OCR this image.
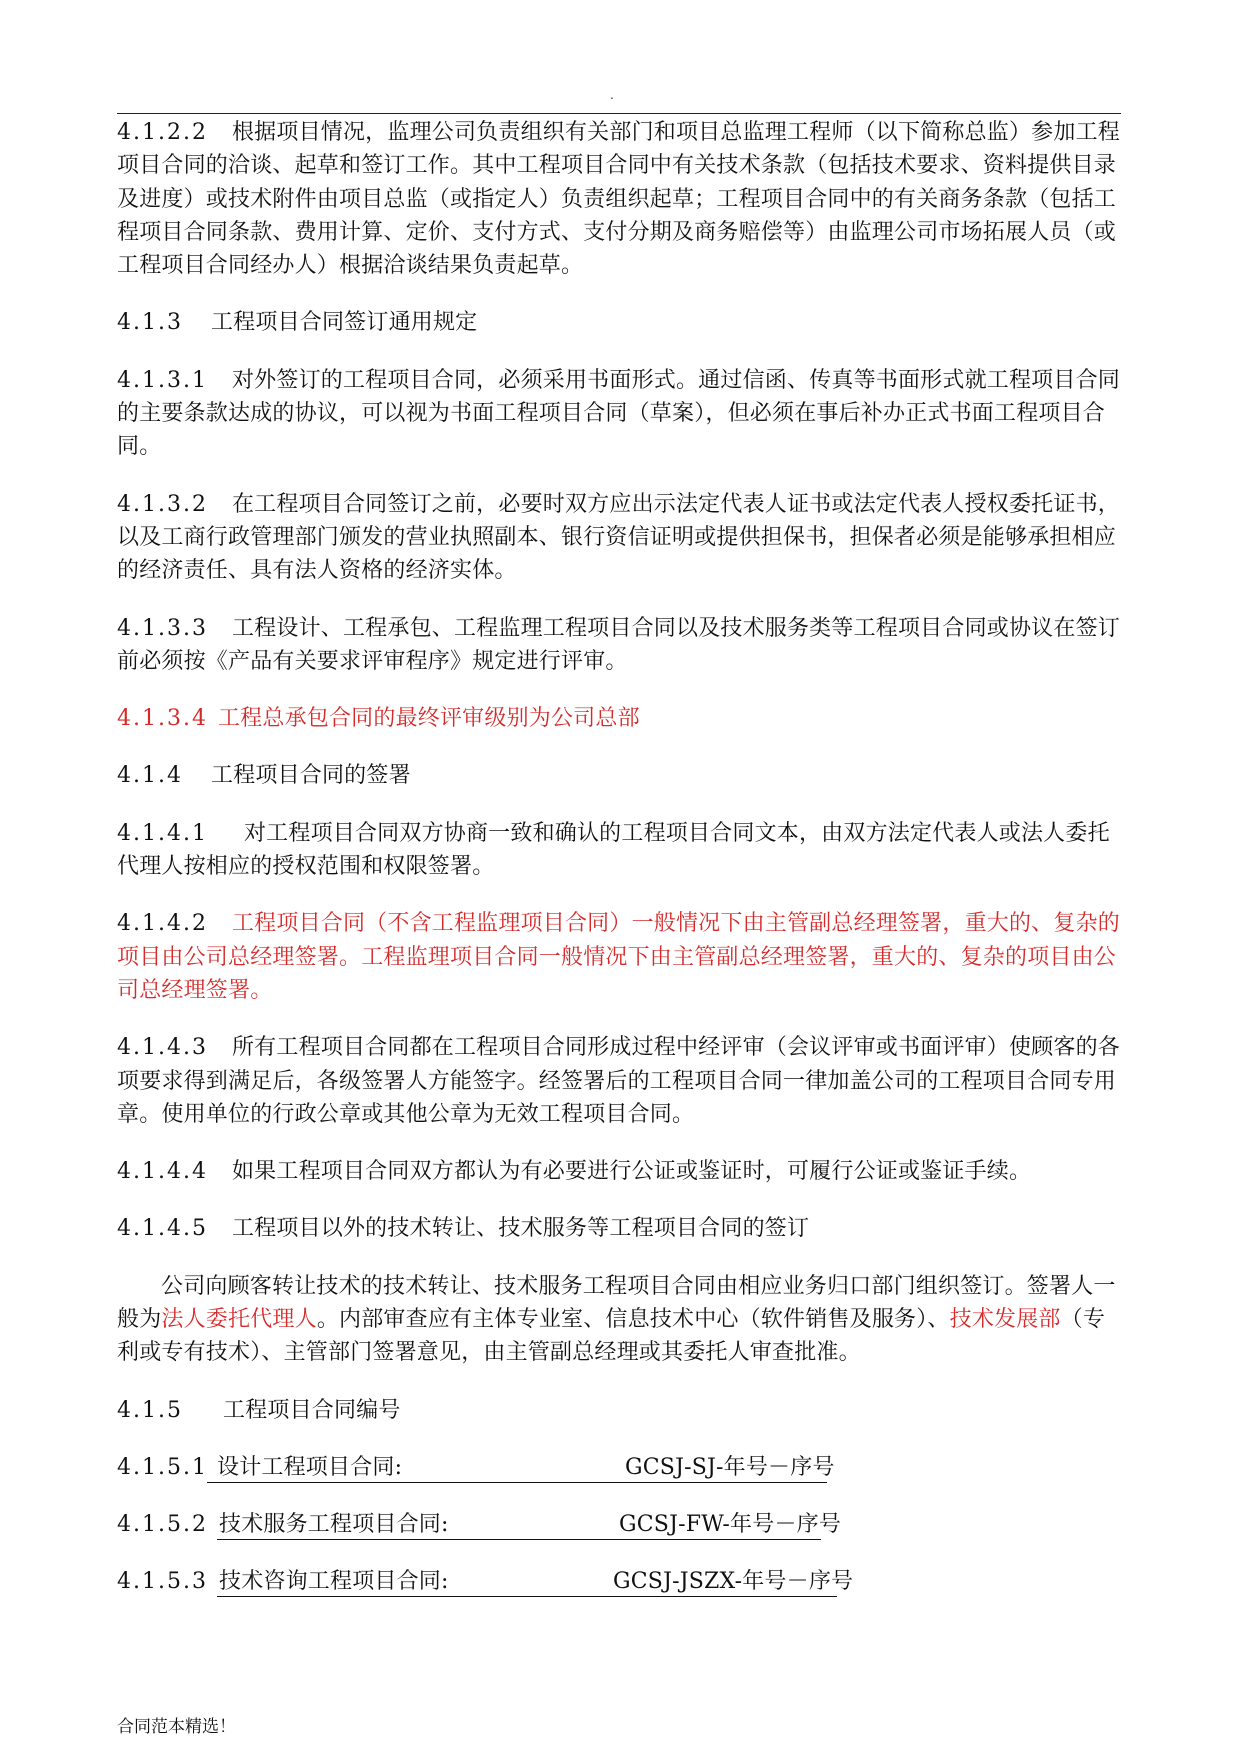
.

4.1.2.2 根据项目情况，监理公司负责组织有关部门和项目总监理工程师（以下简称总监）参加工程项目合同的洽谈、起草和签订工作。其中工程项目合同中有关技术条款（包括技术要求、资料提供目录及进度）或技术附件由项目总监（或指定人）负责组织起草；工程项目合同中的有关商务条款（包括工程项目合同条款、费用计算、定价、支付方式、支付分期及商务赔偿等）由监理公司市场拓展人员（或工程项目合同经办人）根据洽谈结果负责起草。

4.1.3 工程项目合同签订通用规定

4.1.3.1 对外签订的工程项目合同，必须采用书面形式。通过信函、传真等书面形式就工程项目合同的主要条款达成的协议，可以视为书面工程项目合同（草案），但必须在事后补办正式书面工程项目合同。

4.1.3.2 在工程项目合同签订之前，必要时双方应出示法定代表人证书或法定代表人授权委托证书，以及工商行政管理部门颁发的营业执照副本、银行资信证明或提供担保书，担保者必须是能够承担相应的经济责任、具有法人资格的经济实体。

4.1.3.3 工程设计、工程承包、工程监理工程项目合同以及技术服务类等工程项目合同或协议在签订前必须按《产品有关要求评审程序》规定进行评审。

4.1.3.4 工程总承包合同的最终评审级别为公司总部

4.1.4 工程项目合同的签署

4.1.4.1 对工程项目合同双方协商一致和确认的工程项目合同文本，由双方法定代表人或法人委托代理人按相应的授权范围和权限签署。

4.1.4.2 工程项目合同（不含工程监理项目合同）一般情况下由主管副总经理签署，重大的、复杂的项目由公司总经理签署。工程监理项目合同一般情况下由主管副总经理签署，重大的、复杂的项目由公司总经理签署。

4.1.4.3 所有工程项目合同都在工程项目合同形成过程中经评审（会议评审或书面评审）使顾客的各项要求得到满足后，各级签署人方能签字。经签署后的工程项目合同一律加盖公司的工程项目合同专用章。使用单位的行政公章或其他公章为无效工程项目合同。

4.1.4.4 如果工程项目合同双方都认为有必要进行公证或鉴证时，可履行公证或鉴证手续。

4.1.4.5 工程项目以外的技术转让、技术服务等工程项目合同的签订

公司向顾客转让技术的技术转让、技术服务工程项目合同由相应业务归口部门组织签订。签署人一般为法人委托代理人。内部审查应有主体专业室、信息技术中心（软件销售及服务）、技术发展部（专利或专有技术）、主管部门签署意见，由主管副总经理或其委托人审查批准。

4.1.5 工程项目合同编号

4.1.5.1 设计工程项目合同:	GCSJ-SJ-年号－序号
4.1.5.2 技术服务工程项目合同:	GCSJ-FW-年号－序号
4.1.5.3 技术咨询工程项目合同:	GCSJ-JSZX-年号－序号
合同范本精选！
